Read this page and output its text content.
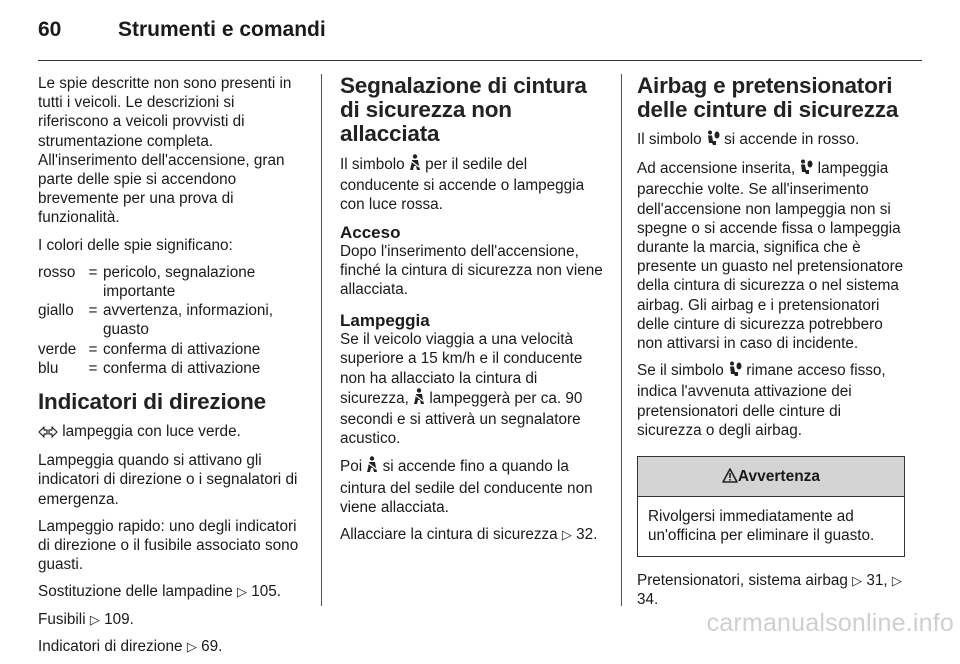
60	Strumenti e comandi

Le spie descritte non sono presenti in tutti i veicoli. Le descrizioni si riferiscono a veicoli provvisti di strumentazione completa. All'inserimento dell'accensione, gran parte delle spie si accendono brevemente per una prova di funzionalità.

I colori delle spie significano:

rosso	=	pericolo, segnalazione importante
giallo	=	avvertenza, informazioni, guasto
verde	=	conferma di attivazione
blu	=	conferma di attivazione
Indicatori di direzione

lampeggia con luce verde.

Lampeggia quando si attivano gli indicatori di direzione o i segnalatori di emergenza.

Lampeggio rapido: uno degli indicatori di direzione o il fusibile associato sono guasti.

Sostituzione delle lampadine ▷ 105.

Fusibili ▷ 109.

Indicatori di direzione ▷ 69.

Segnalazione di cintura di sicurezza non allacciata

Il simbolo per il sedile del conducente si accende o lampeggia con luce rossa.

Acceso

Dopo l'inserimento dell'accensione, finché la cintura di sicurezza non viene allacciata.

Lampeggia

Se il veicolo viaggia a una velocità superiore a 15 km/h e il conducente non ha allacciato la cintura di sicurezza, lampeggerà per ca. 90 secondi e si attiverà un segnalatore acustico.

Poi si accende fino a quando la cintura del sedile del conducente non viene allacciata.

Allacciare la cintura di sicurezza ▷ 32.

Airbag e pretensionatori delle cinture di sicurezza

Il simbolo si accende in rosso.

Ad accensione inserita, lampeggia parecchie volte. Se all'inserimento dell'accensione non lampeggia non si spegne o si accende fissa o lampeggia durante la marcia, significa che è presente un guasto nel pretensionatore della cintura di sicurezza o nel sistema airbag. Gli airbag e i pretensionatori delle cinture di sicurezza potrebbero non attivarsi in caso di incidente.

Se il simbolo rimane acceso fisso, indica l'avvenuta attivazione dei pretensionatori delle cinture di sicurezza o degli airbag.

Avvertenza
Rivolgersi immediatamente ad un'officina per eliminare il guasto.

Pretensionatori, sistema airbag ▷ 31, ▷ 34.

carmanualsonline.info
